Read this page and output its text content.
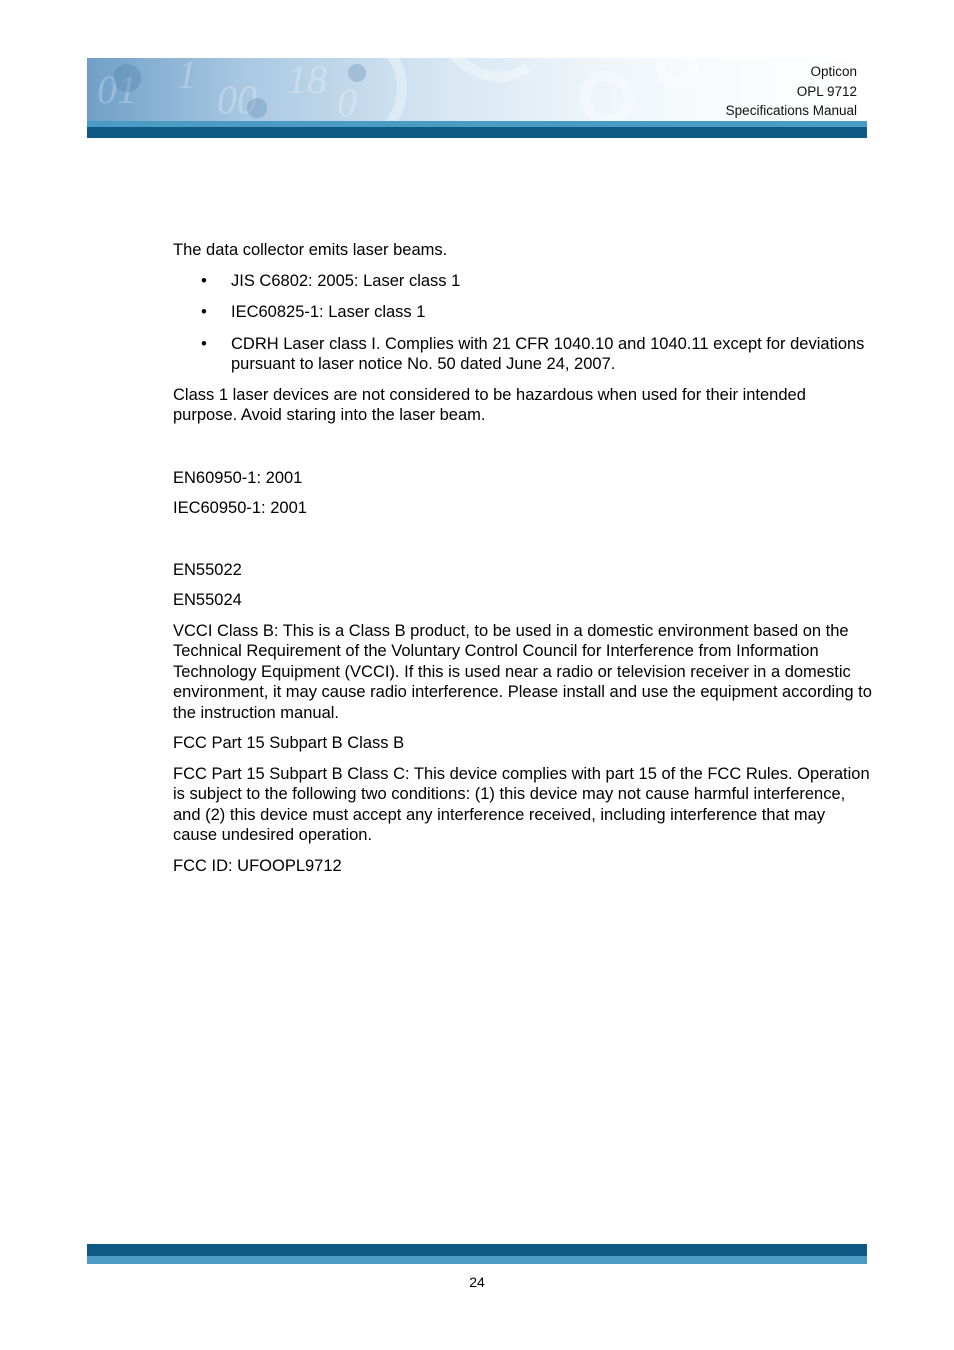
01 1
00 18
0
Opticon
OPL 9712
Specifications Manual

The data collector emits laser beams.

• JIS C6802: 2005: Laser class 1
• IEC60825-1: Laser class 1
• CDRH Laser class I. Complies with 21 CFR 1040.10 and 1040.11 except for deviations pursuant to laser notice No. 50 dated June 24, 2007.

Class 1 laser devices are not considered to be hazardous when used for their intended purpose. Avoid staring into the laser beam.

EN60950-1: 2001

IEC60950-1: 2001

EN55022

EN55024

VCCI Class B: This is a Class B product, to be used in a domestic environment based on the Technical Requirement of the Voluntary Control Council for Interference from Information Technology Equipment (VCCI). If this is used near a radio or television receiver in a domestic environment, it may cause radio interference. Please install and use the equipment according to the instruction manual.

FCC Part 15 Subpart B Class B

FCC Part 15 Subpart B Class C: This device complies with part 15 of the FCC Rules. Operation is subject to the following two conditions: (1) this device may not cause harmful interference, and (2) this device must accept any interference received, including interference that may cause undesired operation.

FCC ID: UFOOPL9712

24
